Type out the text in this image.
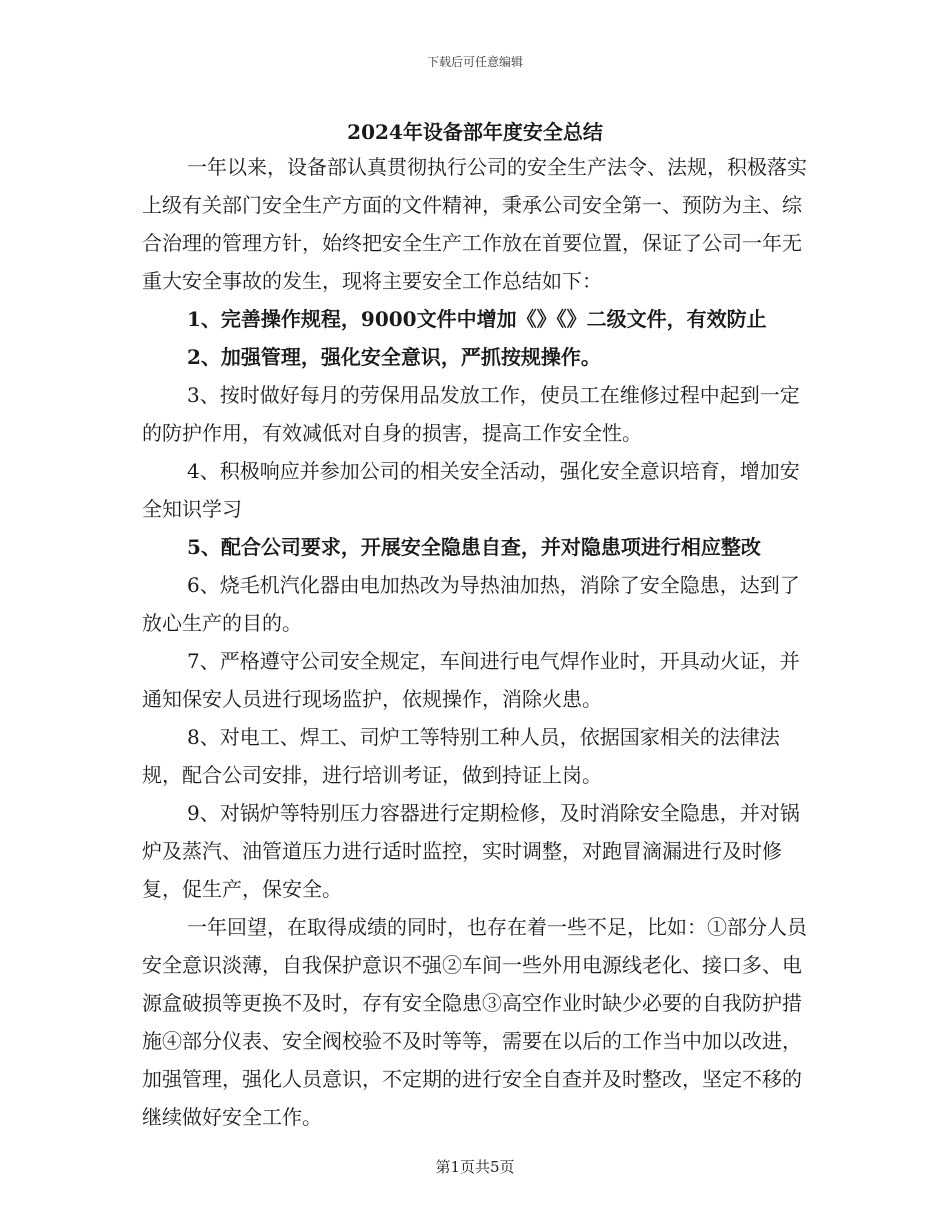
下载后可任意编辑
2024年设备部年度安全总结

一年以来，设备部认真贯彻执行公司的安全生产法令、法规，积极落实上级有关部门安全生产方面的文件精神，秉承公司安全第一、预防为主、综合治理的管理方针，始终把安全生产工作放在首要位置，保证了公司一年无重大安全事故的发生，现将主要安全工作总结如下：

1、完善操作规程，9000文件中增加《》《》二级文件，有效防止

2、加强管理，强化安全意识，严抓按规操作。

3、按时做好每月的劳保用品发放工作，使员工在维修过程中起到一定的防护作用，有效减低对自身的损害，提高工作安全性。

4、积极响应并参加公司的相关安全活动，强化安全意识培育，增加安全知识学习

5、配合公司要求，开展安全隐患自查，并对隐患项进行相应整改

6、烧毛机汽化器由电加热改为导热油加热，消除了安全隐患，达到了放心生产的目的。

7、严格遵守公司安全规定，车间进行电气焊作业时，开具动火证，并通知保安人员进行现场监护，依规操作，消除火患。

8、对电工、焊工、司炉工等特别工种人员，依据国家相关的法律法规，配合公司安排，进行培训考证，做到持证上岗。

9、对锅炉等特别压力容器进行定期检修，及时消除安全隐患，并对锅炉及蒸汽、油管道压力进行适时监控，实时调整，对跑冒滴漏进行及时修复，促生产，保安全。

一年回望，在取得成绩的同时，也存在着一些不足，比如：①部分人员安全意识淡薄，自我保护意识不强②车间一些外用电源线老化、接口多、电源盒破损等更换不及时，存有安全隐患③高空作业时缺少必要的自我防护措施④部分仪表、安全阀校验不及时等等，需要在以后的工作当中加以改进，加强管理，强化人员意识，不定期的进行安全自查并及时整改，坚定不移的继续做好安全工作。

第1页共5页
